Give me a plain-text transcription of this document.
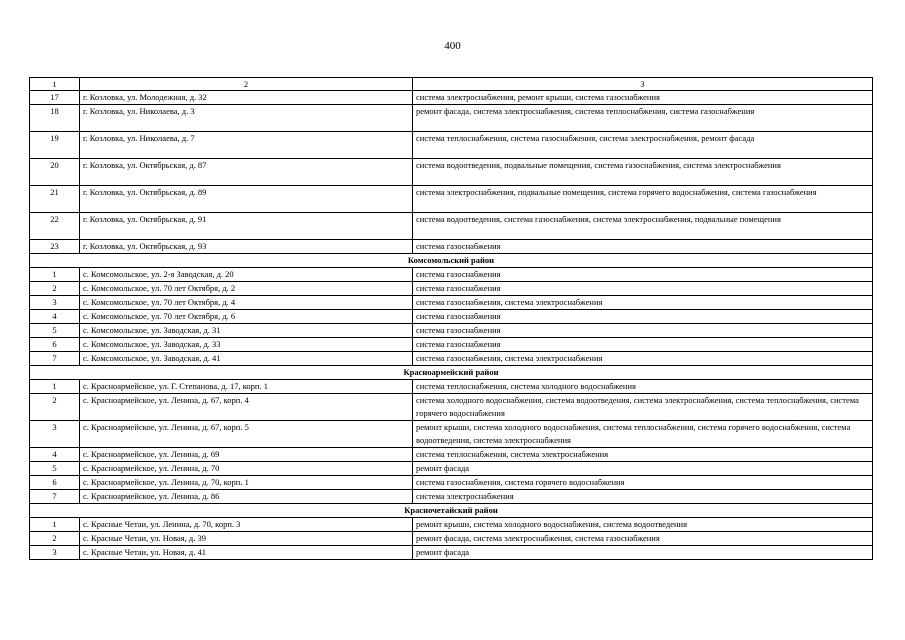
400
1	2	3
17	г. Козловка, ул. Молодежная, д. 32	система электроснабжения, ремонт крыши, система газоснабжения
18	г. Козловка, ул. Николаева, д. 3	ремонт фасада, система электроснабжения, система теплоснабжения, система газоснабжения
19	г. Козловка, ул. Николаева, д. 7	система теплоснабжения, система газоснабжения, система электроснабжения, ремонт фасада
20	г. Козловка, ул. Октябрьская, д. 87	система водоотведения, подвальные помещения, система газоснабжения, система электроснабжения
21	г. Козловка, ул. Октябрьская, д. 89	система электроснабжения, подвальные помещения, система горячего водоснабжения, система газоснабжения
22	г. Козловка, ул. Октябрьская, д. 91	система водоотведения, система газоснабжения, система электроснабжения, подвальные помещения
23	г. Козловка, ул. Октябрьская, д. 93	система газоснабжения
Комсомольский район		
1	с. Комсомольское, ул. 2-я Заводская, д. 20	система газоснабжения
2	с. Комсомольское, ул. 70 лет Октября, д. 2	система газоснабжения
3	с. Комсомольское, ул. 70 лет Октября, д. 4	система газоснабжения, система электроснабжения
4	с. Комсомольское, ул. 70 лет Октября, д. 6	система газоснабжения
5	с. Комсомольское, ул. Заводская, д. 31	система газоснабжения
6	с. Комсомольское, ул. Заводская, д. 33	система газоснабжения
7	с. Комсомольское, ул. Заводская, д. 41	система газоснабжения, система электроснабжения
Красноармейский район		
1	с. Красноармейское, ул. Г. Степанова, д. 17, корп. 1	система теплоснабжения, система холодного водоснабжения
2	с. Красноармейское, ул. Ленина, д. 67, корп. 4	система холодного водоснабжения, система водоотведения, система электроснабжения, система теплоснабжения, система горячего водоснабжения
3	с. Красноармейское, ул. Ленина, д. 67, корп. 5	ремонт крыши, система холодного водоснабжения, система теплоснабжения, система горячего водоснабжения, система водоотведения, система электроснабжения
4	с. Красноармейское, ул. Ленина, д. 69	система теплоснабжения, система электроснабжения
5	с. Красноармейское, ул. Ленина, д. 70	ремонт фасада
6	с. Красноармейское, ул. Ленина, д. 70, корп. 1	система газоснабжения, система горячего водоснабжения
7	с. Красноармейское, ул. Ленина, д. 86	система электроснабжения
Красночетайский район		
1	с. Красные Четаи, ул. Ленина, д. 70, корп. 3	ремонт крыши, система холодного водоснабжения, система водоотведения
2	с. Красные Четаи, ул. Новая, д. 39	ремонт фасада, система электроснабжения, система газоснабжения
3	с. Красные Четаи, ул. Новая, д. 41	ремонт фасада
